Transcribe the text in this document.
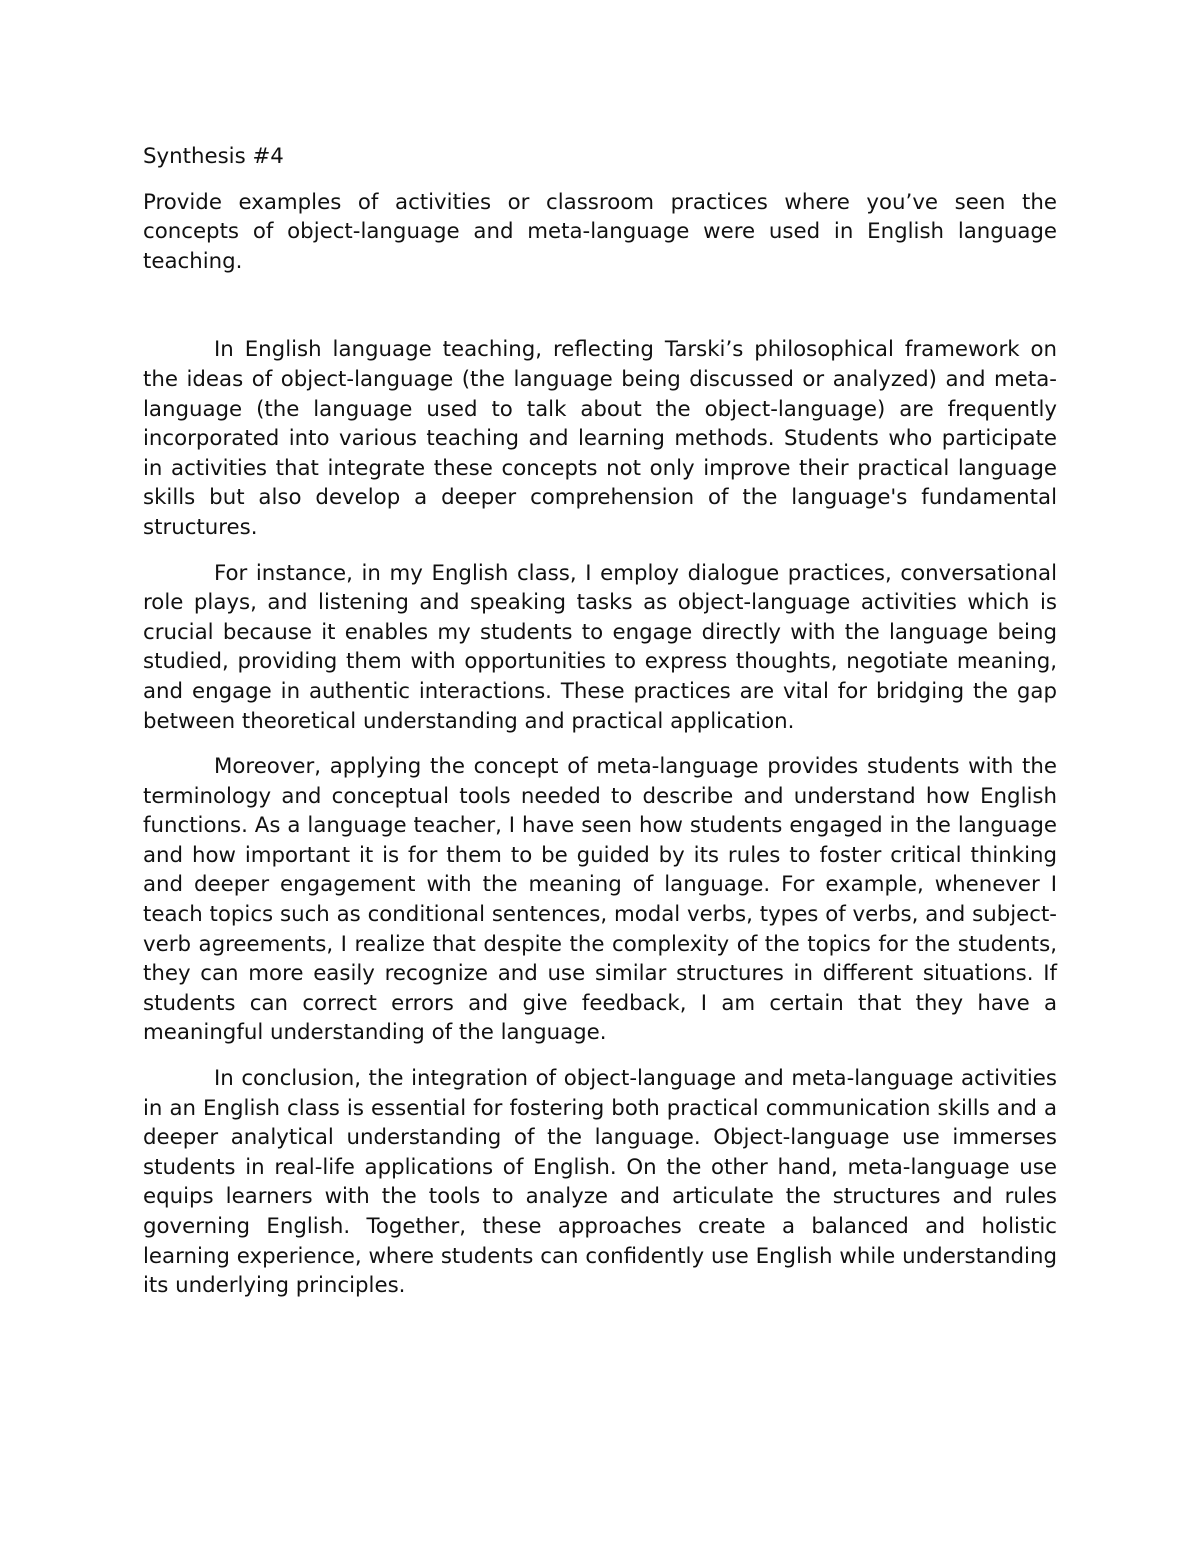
Synthesis #4

Provide examples of activities or classroom practices where you’ve seen the concepts of object-language and meta-language were used in English language teaching.

In English language teaching, reflecting Tarski’s philosophical framework on the ideas of object-language (the language being discussed or analyzed) and meta-language (the language used to talk about the object-language) are frequently incorporated into various teaching and learning methods. Students who participate in activities that integrate these concepts not only improve their practical language skills but also develop a deeper comprehension of the language's fundamental structures.

For instance, in my English class, I employ dialogue practices, conversational role plays, and listening and speaking tasks as object-language activities which is crucial because it enables my students to engage directly with the language being studied, providing them with opportunities to express thoughts, negotiate meaning, and engage in authentic interactions. These practices are vital for bridging the gap between theoretical understanding and practical application.

Moreover, applying the concept of meta-language provides students with the terminology and conceptual tools needed to describe and understand how English functions. As a language teacher, I have seen how students engaged in the language and how important it is for them to be guided by its rules to foster critical thinking and deeper engagement with the meaning of language. For example, whenever I teach topics such as conditional sentences, modal verbs, types of verbs, and subject-verb agreements, I realize that despite the complexity of the topics for the students, they can more easily recognize and use similar structures in different situations. If students can correct errors and give feedback, I am certain that they have a meaningful understanding of the language.

In conclusion, the integration of object-language and meta-language activities in an English class is essential for fostering both practical communication skills and a deeper analytical understanding of the language. Object-language use immerses students in real-life applications of English. On the other hand, meta-language use equips learners with the tools to analyze and articulate the structures and rules governing English. Together, these approaches create a balanced and holistic learning experience, where students can confidently use English while understanding its underlying principles.
